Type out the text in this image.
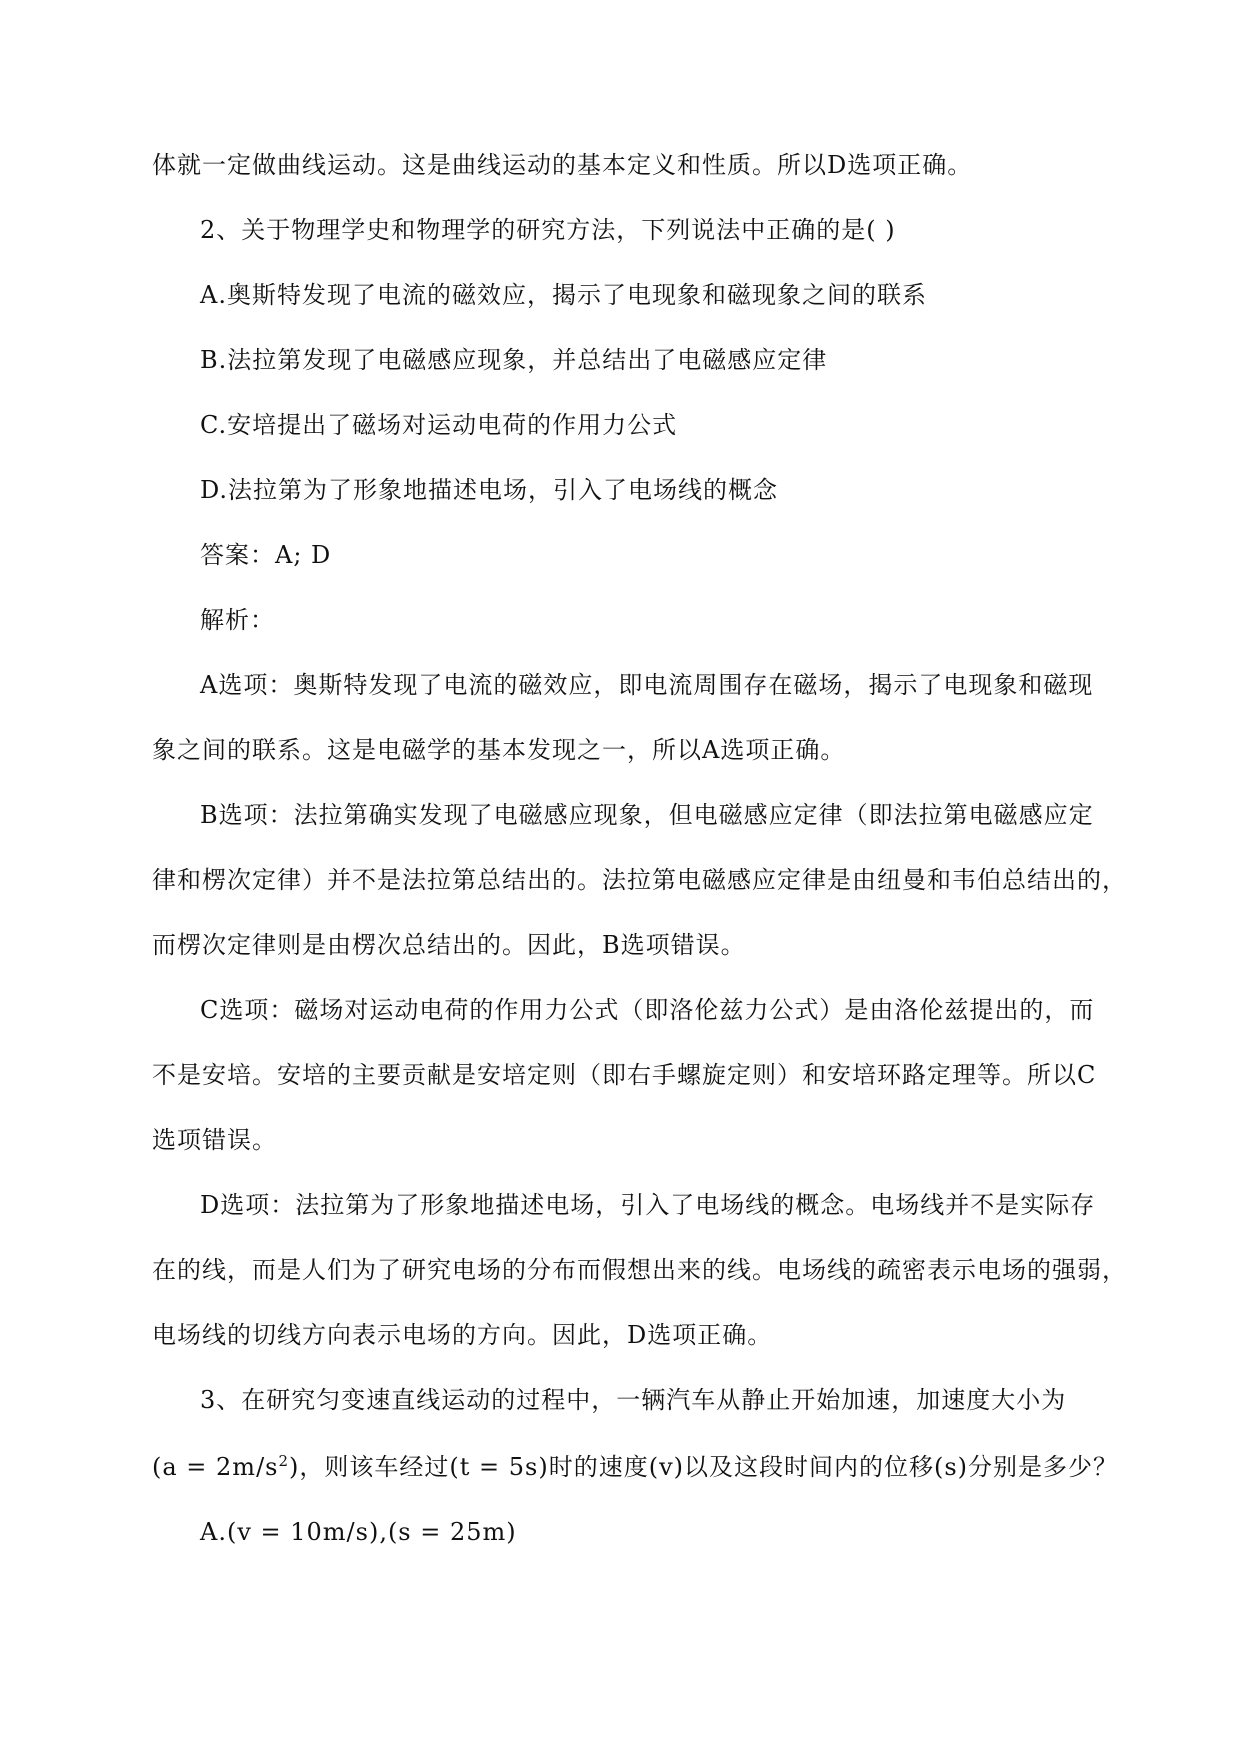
体就一定做曲线运动。这是曲线运动的基本定义和性质。所以D选项正确。
2、关于物理学史和物理学的研究方法，下列说法中正确的是( )
A.奥斯特发现了电流的磁效应，揭示了电现象和磁现象之间的联系
B.法拉第发现了电磁感应现象，并总结出了电磁感应定律
C.安培提出了磁场对运动电荷的作用力公式
D.法拉第为了形象地描述电场，引入了电场线的概念
答案：A; D
解析：
A选项：奥斯特发现了电流的磁效应，即电流周围存在磁场，揭示了电现象和磁现
象之间的联系。这是电磁学的基本发现之一，所以A选项正确。
B选项：法拉第确实发现了电磁感应现象，但电磁感应定律（即法拉第电磁感应定
律和楞次定律）并不是法拉第总结出的。法拉第电磁感应定律是由纽曼和韦伯总结出的，
而楞次定律则是由楞次总结出的。因此，B选项错误。
C选项：磁场对运动电荷的作用力公式（即洛伦兹力公式）是由洛伦兹提出的，而
不是安培。安培的主要贡献是安培定则（即右手螺旋定则）和安培环路定理等。所以C
选项错误。
D选项：法拉第为了形象地描述电场，引入了电场线的概念。电场线并不是实际存
在的线，而是人们为了研究电场的分布而假想出来的线。电场线的疏密表示电场的强弱，
电场线的切线方向表示电场的方向。因此，D选项正确。
3、在研究匀变速直线运动的过程中，一辆汽车从静止开始加速，加速度大小为
$(a = 2m/s^2)$，则该车经过(t = 5s)时的速度(v)以及这段时间内的位移(s)分别是多少？
A.(v = 10m/s),(s = 25m)
